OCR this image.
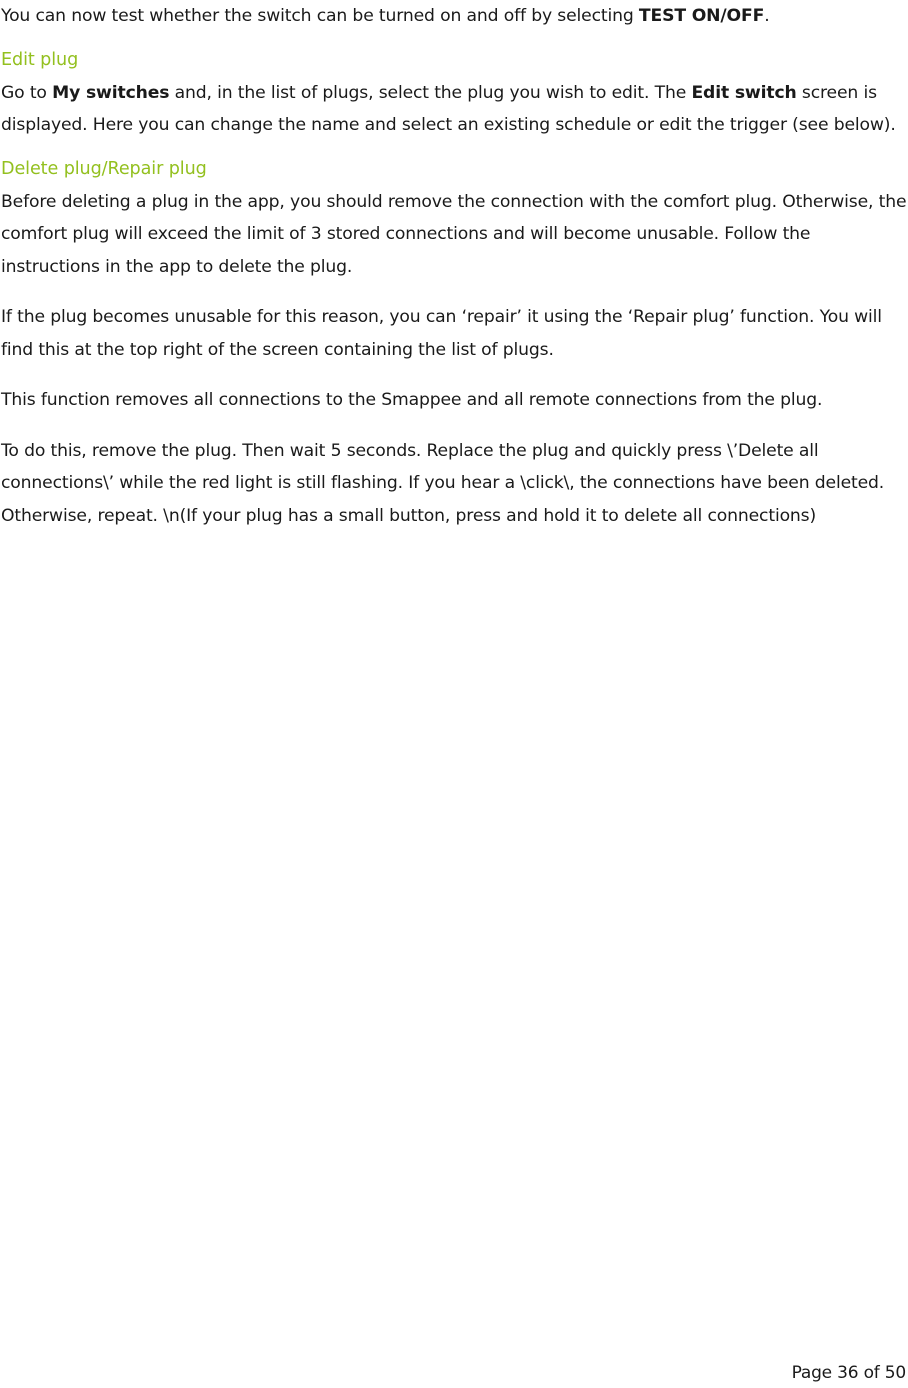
You can now test whether the switch can be turned on and off by selecting TEST ON/OFF.

Edit plug

Go to My switches and, in the list of plugs, select the plug you wish to edit. The Edit switch screen is displayed. Here you can change the name and select an existing schedule or edit the trigger (see below).

Delete plug/Repair plug

Before deleting a plug in the app, you should remove the connection with the comfort plug. Otherwise, the comfort plug will exceed the limit of 3 stored connections and will become unusable. Follow the instructions in the app to delete the plug.

If the plug becomes unusable for this reason, you can ‘repair’ it using the ‘Repair plug’ function. You will find this at the top right of the screen containing the list of plugs.

This function removes all connections to the Smappee and all remote connections from the plug.

To do this, remove the plug. Then wait 5 seconds. Replace the plug and quickly press \’Delete all connections\’ while the red light is still flashing. If you hear a \click\, the connections have been deleted. Otherwise, repeat. \n(If your plug has a small button, press and hold it to delete all connections)

Page 36 of 50
